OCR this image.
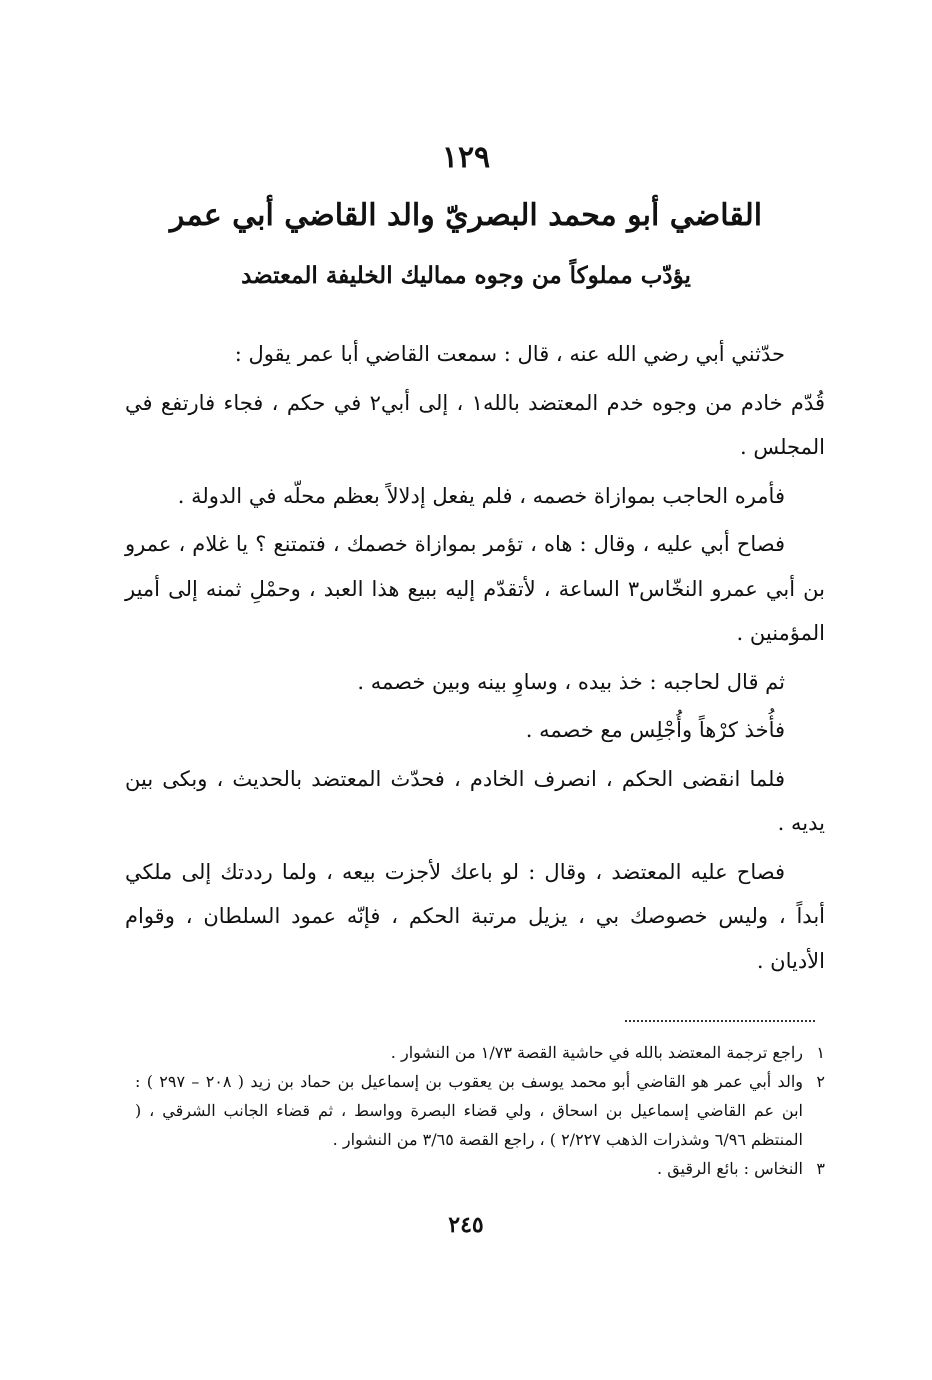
١٢٩
القاضي أبو محمد البصريّ والد القاضي أبي عمر
يؤدّب مملوكاً من وجوه مماليك الخليفة المعتضد

حدّثني أبي رضي الله عنه ، قال : سمعت القاضي أبا عمر يقول :

قُدّم خادم من وجوه خدم المعتضد بالله١ ، إلى أبي٢ في حكم ، فجاء فارتفع في المجلس .

فأمره الحاجب بموازاة خصمه ، فلم يفعل إدلالاً بعظم محلّه في الدولة .

فصاح أبي عليه ، وقال : هاه ، تؤمر بموازاة خصمك ، فتمتنع ؟ يا غلام ، عمرو بن أبي عمرو النخّاس٣ الساعة ، لأتقدّم إليه ببيع هذا العبد ، وحمْلِ ثمنه إلى أمير المؤمنين .

ثم قال لحاجبه : خذ بيده ، وساوِ بينه وبين خصمه .

فأُخذ كرْهاً وأُجْلِس مع خصمه .

فلما انقضى الحكم ، انصرف الخادم ، فحدّث المعتضد بالحديث ، وبكى بين يديه .

فصاح عليه المعتضد ، وقال : لو باعك لأجزت بيعه ، ولما رددتك إلى ملكي أبداً ، وليس خصوصك بي ، يزيل مرتبة الحكم ، فإنّه عمود السلطان ، وقوام الأديان .

١
راجع ترجمة المعتضد بالله في حاشية القصة ١/٧٣ من النشوار .
٢
والد أبي عمر هو القاضي أبو محمد يوسف بن يعقوب بن إسماعيل بن حماد بن زيد ( ٢٠٨ – ٢٩٧ ) : ابن عم القاضي إسماعيل بن اسحاق ، ولي قضاء البصرة وواسط ، ثم قضاء الجانب الشرقي ، ( المنتظم ٦/٩٦ وشذرات الذهب ٢/٢٢٧ ) ، راجع القصة ٣/٦٥ من النشوار .
٣
النخاس : بائع الرقيق .
٢٤٥
